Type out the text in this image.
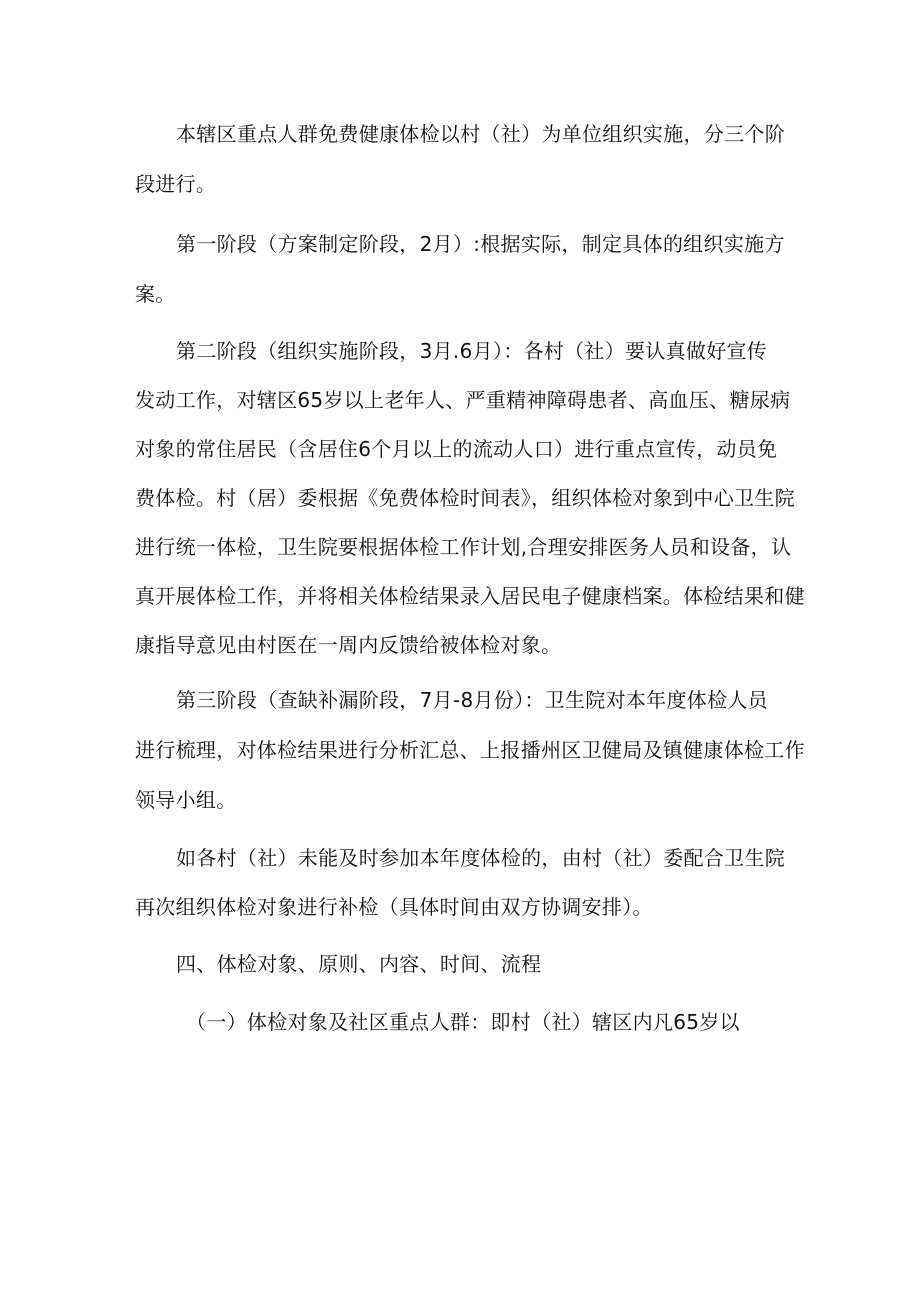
本辖区重点人群免费健康体检以村（社）为单位组织实施，分三个阶
段进行。
第一阶段（方案制定阶段，2月）:根据实际，制定具体的组织实施方
案。
第二阶段（组织实施阶段，3月.6月）：各村（社）要认真做好宣传
发动工作，对辖区65岁以上老年人、严重精神障碍患者、高血压、糖尿病
对象的常住居民（含居住6个月以上的流动人口）进行重点宣传，动员免
费体检。村（居）委根据《免费体检时间表》，组织体检对象到中心卫生院
进行统一体检，卫生院要根据体检工作计划,合理安排医务人员和设备，认
真开展体检工作，并将相关体检结果录入居民电子健康档案。体检结果和健
康指导意见由村医在一周内反馈给被体检对象。
第三阶段（查缺补漏阶段，7月-8月份）：卫生院对本年度体检人员
进行梳理，对体检结果进行分析汇总、上报播州区卫健局及镇健康体检工作
领导小组。
如各村（社）未能及时参加本年度体检的，由村（社）委配合卫生院
再次组织体检对象进行补检（具体时间由双方协调安排）。
四、体检对象、原则、内容、时间、流程
（一）体检对象及社区重点人群：即村（社）辖区内凡65岁以
